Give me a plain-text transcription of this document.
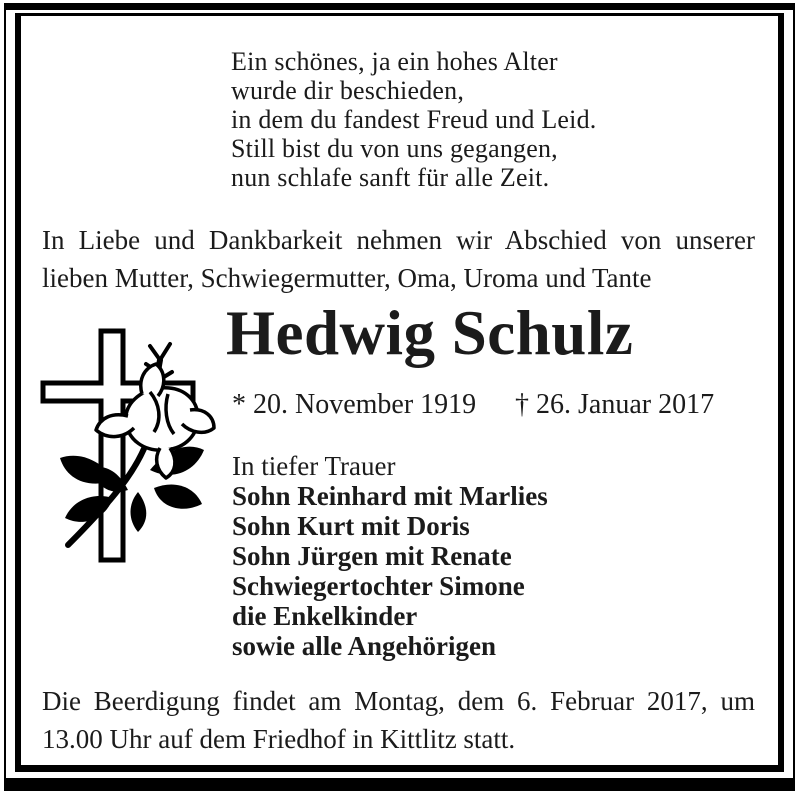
Ein schönes, ja ein hohes Alter
wurde dir beschieden,
in dem du fandest Freud und Leid.
Still bist du von uns gegangen,
nun schlafe sanft für alle Zeit.
In Liebe und Dankbarkeit nehmen wir Abschied von unserer
lieben Mutter, Schwiegermutter, Oma, Uroma und Tante
Hedwig Schulz
* 20. November 1919 † 26. Januar 2017
In tiefer Trauer
Sohn Reinhard mit Marlies
Sohn Kurt mit Doris
Sohn Jürgen mit Renate
Schwiegertochter Simone
die Enkelkinder
sowie alle Angehörigen
Die Beerdigung findet am Montag, dem 6. Februar 2017, um
13.00 Uhr auf dem Friedhof in Kittlitz statt.
